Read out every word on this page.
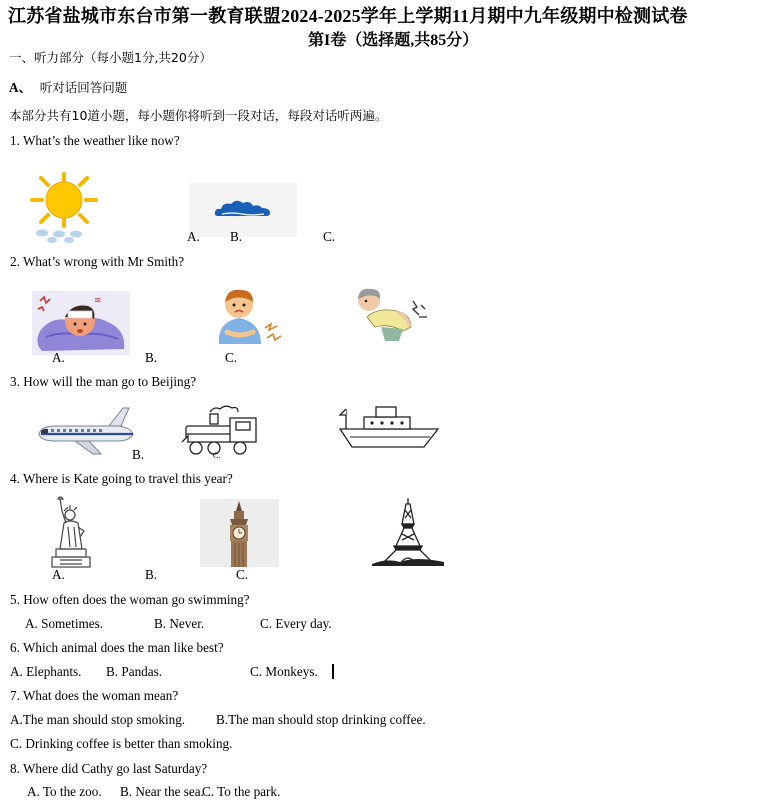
江苏省盐城市东台市第一教育联盟2024-2025学年上学期11月期中九年级期中检测试卷
第I卷（选择题,共85分）
一、听力部分（每小题1分,共20分）
A、 听对话回答问题
本部分共有10道小题，每小题你将听到一段对话，每段对话听两遍。
1. What’s the weather like now?
A. B.	C.
2. What’s wrong with Mr Smith?
≋
A.	B.	C.
3. How will the man go to Beijing?
B.	C.
4. Where is Kate going to travel this year?
A.	B.	C.
5. How often does the woman go swimming?
A. Sometimes.	B. Never.	C. Every day.
6. Which animal does the man like best?
A. Elephants. B. Pandas.	C. Monkeys.
7. What does the woman mean?
A.The man should stop smoking. B.The man should stop drinking coffee.
C. Drinking coffee is better than smoking.
8. Where did Cathy go last Saturday?
A. To the zoo. B. Near the sea.
C. To the park.
